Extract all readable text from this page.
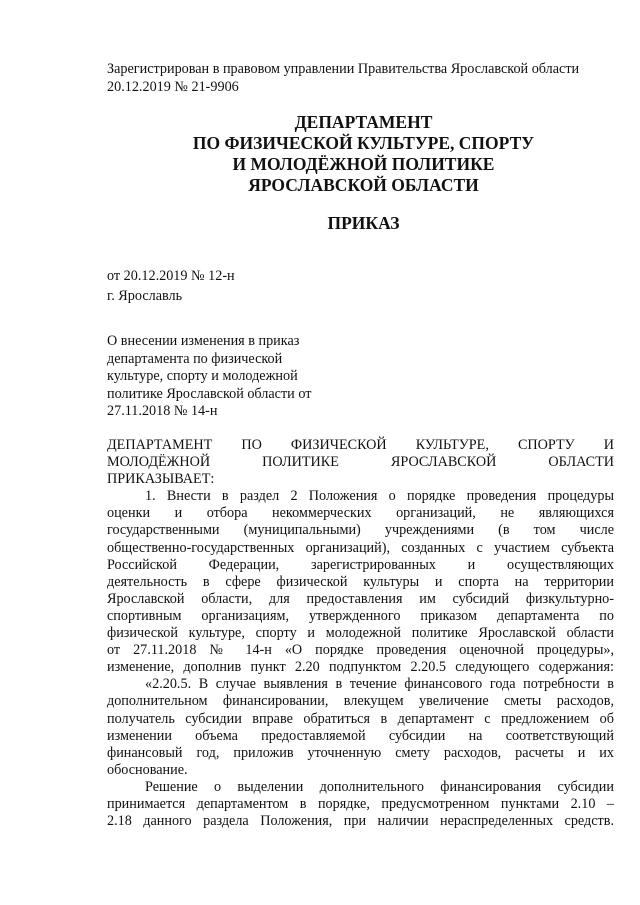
Зарегистрирован в правовом управлении Правительства Ярославской области
20.12.2019 № 21-9906
ДЕПАРТАМЕНТ
ПО ФИЗИЧЕСКОЙ КУЛЬТУРЕ, СПОРТУ
И МОЛОДЁЖНОЙ ПОЛИТИКЕ
ЯРОСЛАВСКОЙ ОБЛАСТИ
ПРИКАЗ
от 20.12.2019 № 12-н
г. Ярославль
О внесении изменения в приказ
департамента по физической
культуре, спорту и молодежной
политике Ярославской области от
27.11.2018 № 14-н
ДЕПАРТАМЕНТ ПО ФИЗИЧЕСКОЙ КУЛЬТУРЕ, СПОРТУ И
МОЛОДЁЖНОЙ ПОЛИТИКЕ ЯРОСЛАВСКОЙ ОБЛАСТИ
ПРИКАЗЫВАЕТ:
1. Внести в раздел 2 Положения о порядке проведения процедуры
оценки и отбора некоммерческих организаций, не являющихся
государственными (муниципальными) учреждениями (в том числе
общественно-государственных организаций), созданных с участием субъекта
Российской Федерации, зарегистрированных и осуществляющих
деятельность в сфере физической культуры и спорта на территории
Ярославской области, для предоставления им субсидий физкультурно-
спортивным организациям, утвержденного приказом департамента по
физической культуре, спорту и молодежной политике Ярославской области
от 27.11.2018 № 14-н «О порядке проведения оценочной процедуры»,
изменение, дополнив пункт 2.20 подпунктом 2.20.5 следующего содержания:
«2.20.5. В случае выявления в течение финансового года потребности в
дополнительном финансировании, влекущем увеличение сметы расходов,
получатель субсидии вправе обратиться в департамент с предложением об
изменении объема предоставляемой субсидии на соответствующий
финансовый год, приложив уточненную смету расходов, расчеты и их
обоснование.
Решение о выделении дополнительного финансирования субсидии
принимается департаментом в порядке, предусмотренном пунктами 2.10 –
2.18 данного раздела Положения, при наличии нераспределенных средств.
